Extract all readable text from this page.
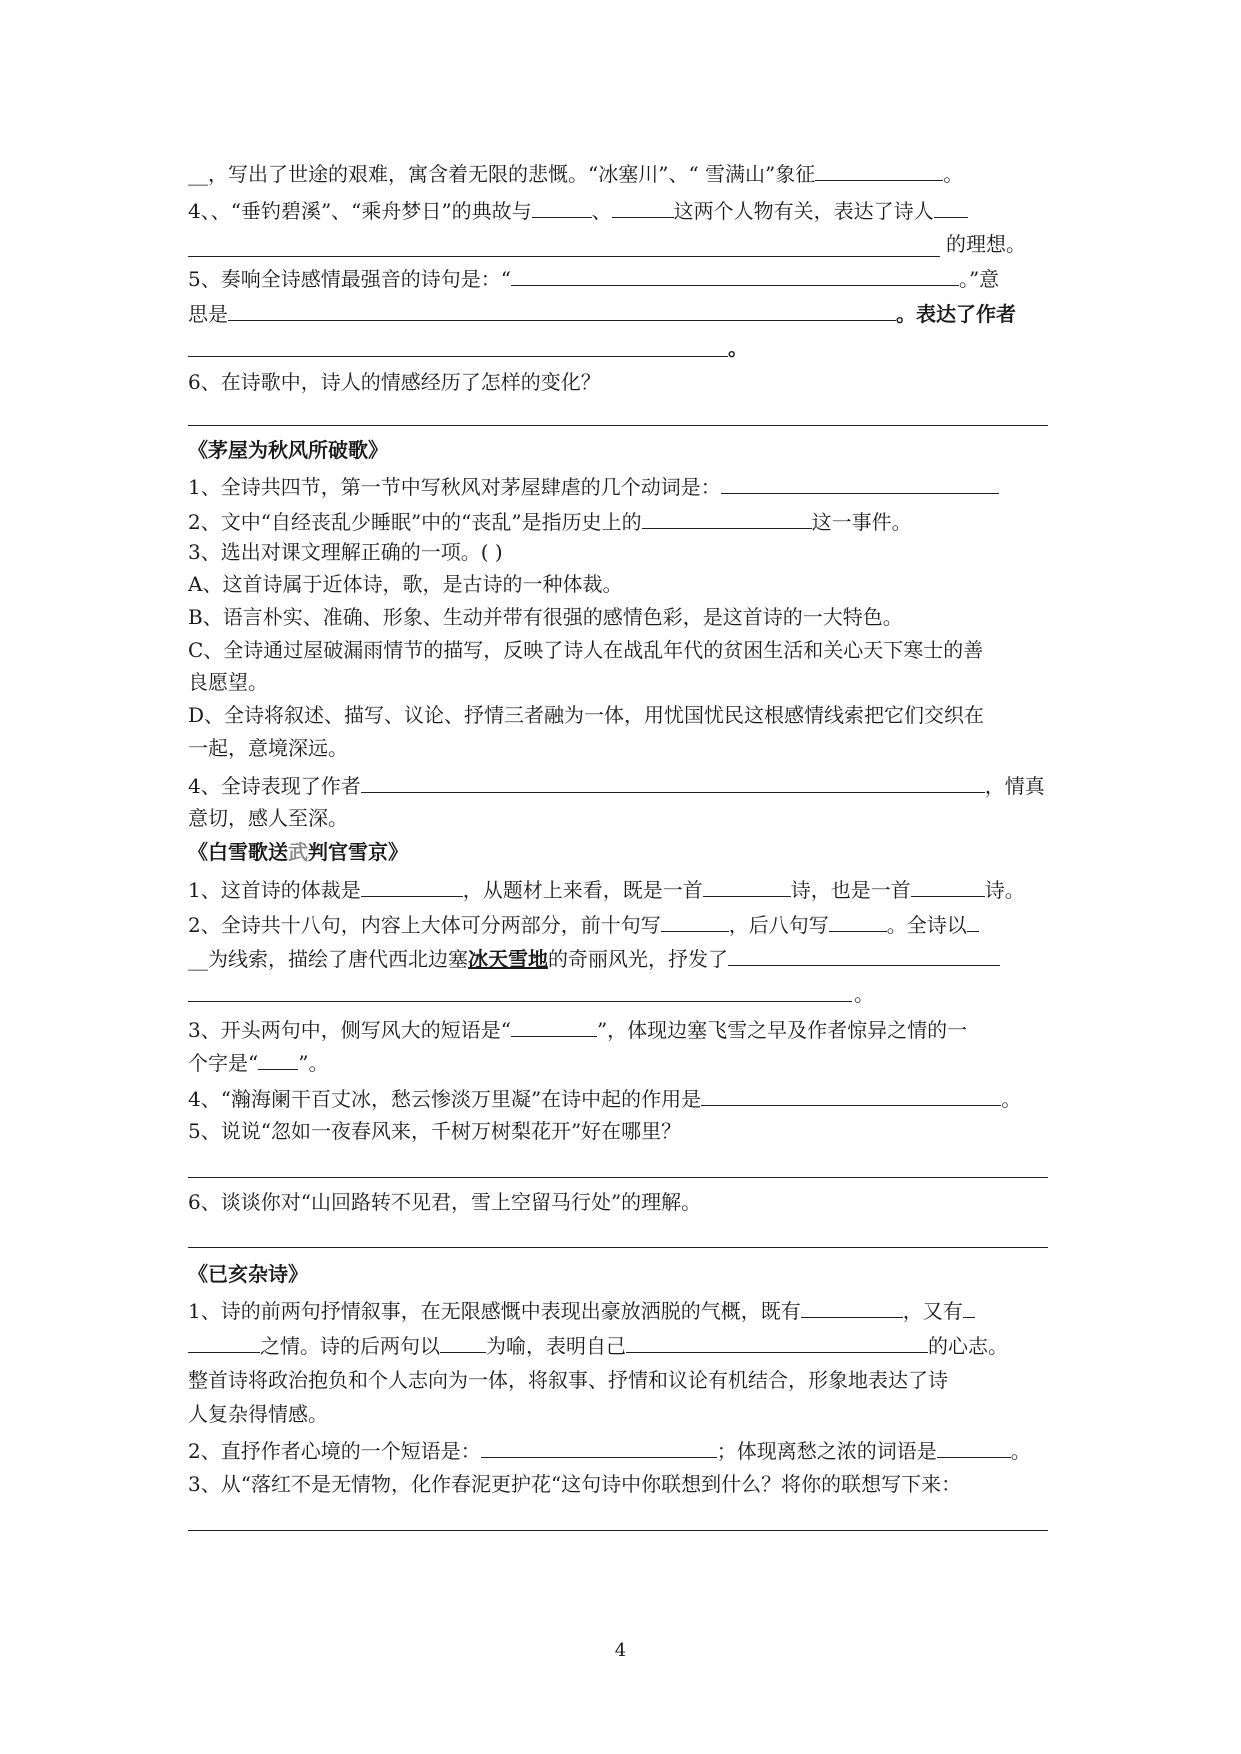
__，写出了世途的艰难，寓含着无限的悲慨。“冰塞川”、“ 雪满山”象征	。
4、、“垂钓碧溪”、“乘舟梦日”的典故与	、	这两个人物有关，表达了诗人
的理想。
5、奏响全诗感情最强音的诗句是：“	。”意
思是	。表达了作者
。
6、在诗歌中，诗人的情感经历了怎样的变化？
《茅屋为秋风所破歌》
1、全诗共四节，第一节中写秋风对茅屋肆虐的几个动词是：
2、文中“自经丧乱少睡眠”中的“丧乱”是指历史上的	这一事件。
3、选出对课文理解正确的一项。( )
A、这首诗属于近体诗，歌，是古诗的一种体裁。
B、语言朴实、准确、形象、生动并带有很强的感情色彩，是这首诗的一大特色。
C、全诗通过屋破漏雨情节的描写，反映了诗人在战乱年代的贫困生活和关心天下寒士的善
良愿望。
D、全诗将叙述、描写、议论、抒情三者融为一体，用忧国忧民这根感情线索把它们交织在
一起，意境深远。
4、全诗表现了作者	，情真
意切，感人至深。
《白雪歌送武判官雪京》
1、这首诗的体裁是	，从题材上来看，既是一首	诗，也是一首	诗。
2、全诗共十八句，内容上大体可分两部分，前十句写	，后八句写	。全诗以
__为线索，描绘了唐代西北边塞冰天雪地的奇丽风光，抒发了
。
3、开头两句中，侧写风大的短语是“	”，体现边塞飞雪之早及作者惊异之情的一
个字是“ ”。
4、“瀚海阑干百丈冰，愁云惨淡万里凝”在诗中起的作用是	。
5、说说“忽如一夜春风来，千树万树梨花开”好在哪里？
6、谈谈你对“山回路转不见君，雪上空留马行处”的理解。
《已亥杂诗》
1、诗的前两句抒情叙事，在无限感慨中表现出豪放洒脱的气概，既有	，又有
之情。诗的后两句以 为喻，表明自己	的心志。
整首诗将政治抱负和个人志向为一体，将叙事、抒情和议论有机结合，形象地表达了诗
人复杂得情感。
2、直抒作者心境的一个短语是：	；体现离愁之浓的词语是	。
3、从“落红不是无情物，化作春泥更护花“这句诗中你联想到什么？将你的联想写下来：
4
